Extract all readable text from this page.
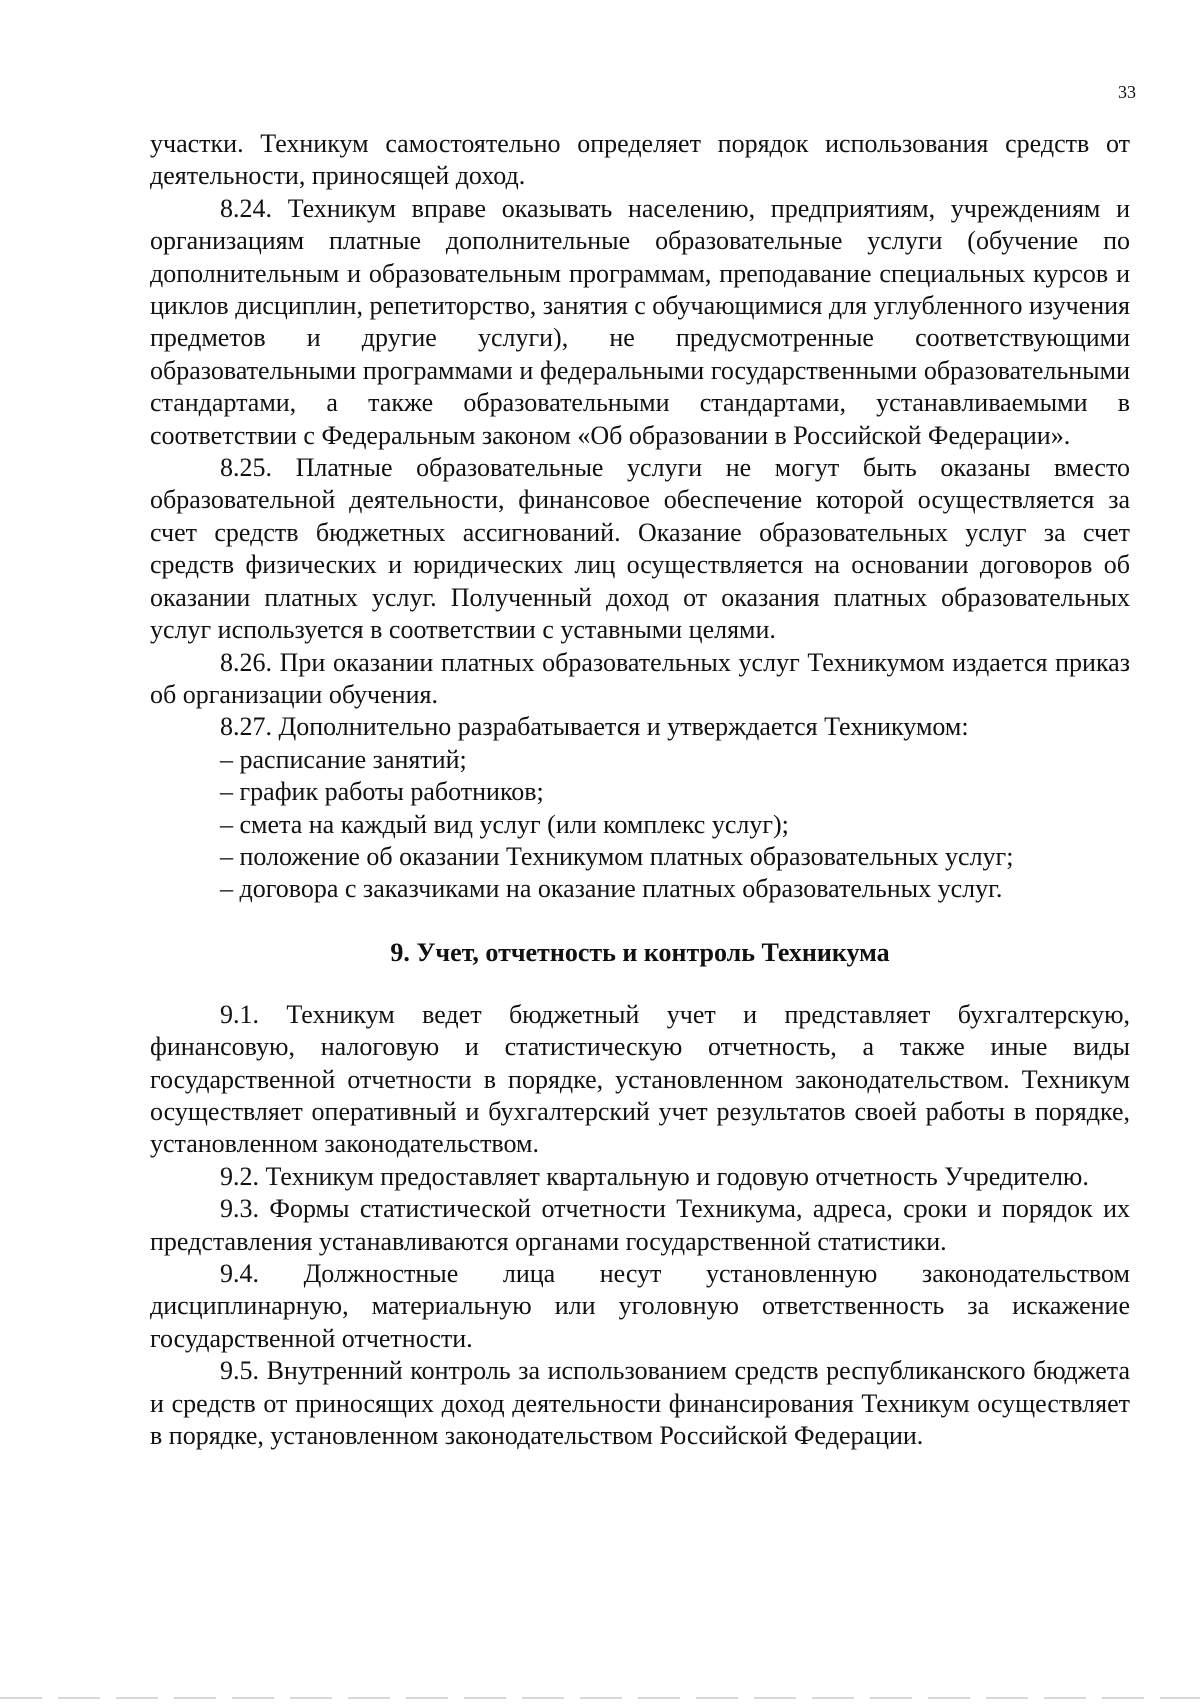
33

участки. Техникум самостоятельно определяет порядок использования средств от деятельности, приносящей доход.

8.24. Техникум вправе оказывать населению, предприятиям, учреждениям и организациям платные дополнительные образовательные услуги (обучение по дополнительным и образовательным программам, преподавание специальных курсов и циклов дисциплин, репетиторство, занятия с обучающимися для углубленного изучения предметов и другие услуги), не предусмотренные соответствующими образовательными программами и федеральными государственными образовательными стандартами, а также образовательными стандартами, устанавливаемыми в соответствии с Федеральным законом «Об образовании в Российской Федерации».

8.25. Платные образовательные услуги не могут быть оказаны вместо образовательной деятельности, финансовое обеспечение которой осуществляется за счет средств бюджетных ассигнований. Оказание образовательных услуг за счет средств физических и юридических лиц осуществляется на основании договоров об оказании платных услуг. Полученный доход от оказания платных образовательных услуг используется в соответствии с уставными целями.

8.26. При оказании платных образовательных услуг Техникумом издается приказ об организации обучения.

8.27. Дополнительно разрабатывается и утверждается Техникумом:

– расписание занятий;

– график работы работников;

– смета на каждый вид услуг (или комплекс услуг);

– положение об оказании Техникумом платных образовательных услуг;

– договора с заказчиками на оказание платных образовательных услуг.

9. Учет, отчетность и контроль Техникума

9.1. Техникум ведет бюджетный учет и представляет бухгалтерскую, финансовую, налоговую и статистическую отчетность, а также иные виды государственной отчетности в порядке, установленном законодательством. Техникум осуществляет оперативный и бухгалтерский учет результатов своей работы в порядке, установленном законодательством.

9.2. Техникум предоставляет квартальную и годовую отчетность Учредителю.

9.3. Формы статистической отчетности Техникума, адреса, сроки и порядок их представления устанавливаются органами государственной статистики.

9.4. Должностные лица несут установленную законодательством дисциплинарную, материальную или уголовную ответственность за искажение государственной отчетности.

9.5. Внутренний контроль за использованием средств республиканского бюджета и средств от приносящих доход деятельности финансирования Техникум осуществляет в порядке, установленном законодательством Российской Федерации.
